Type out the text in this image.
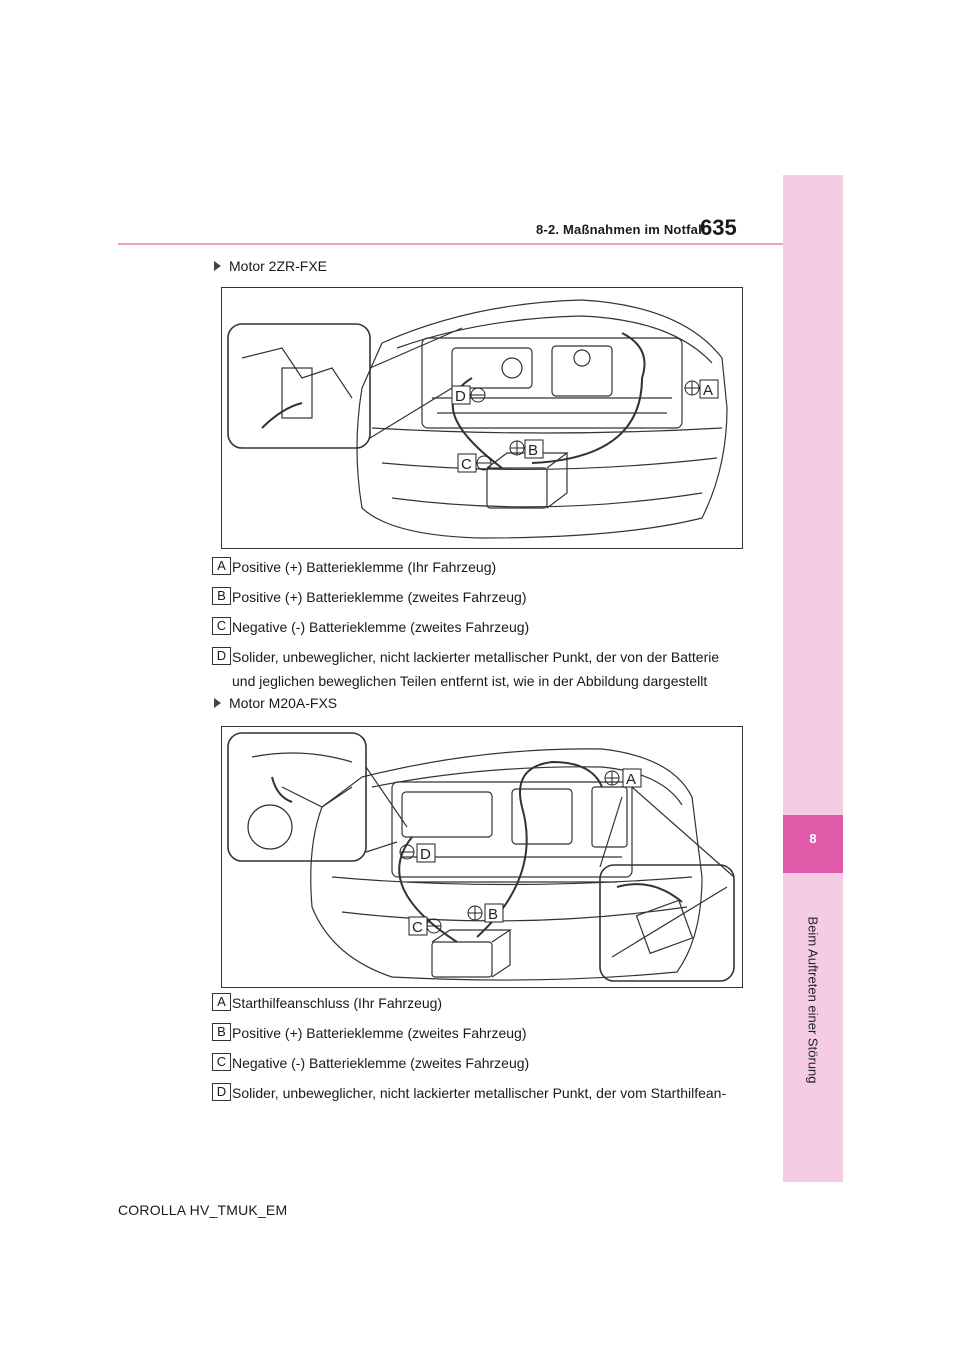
635
8-2. Maßnahmen im Notfall
8
Beim Auftreten einer Störung
Motor 2ZR-FXE
A
B
C
D
A Positive (+) Batterieklemme (Ihr Fahrzeug)
B Positive (+) Batterieklemme (zweites Fahrzeug)
C Negative (-) Batterieklemme (zweites Fahrzeug)
D Solider, unbeweglicher, nicht lackierter metallischer Punkt, der von der Batterie
und jeglichen beweglichen Teilen entfernt ist, wie in der Abbildung dargestellt
Motor M20A-FXS
A
B
C
D
A Starthilfeanschluss (Ihr Fahrzeug)
B Positive (+) Batterieklemme (zweites Fahrzeug)
C Negative (-) Batterieklemme (zweites Fahrzeug)
D Solider, unbeweglicher, nicht lackierter metallischer Punkt, der vom Starthilfean-
COROLLA HV_TMUK_EM
